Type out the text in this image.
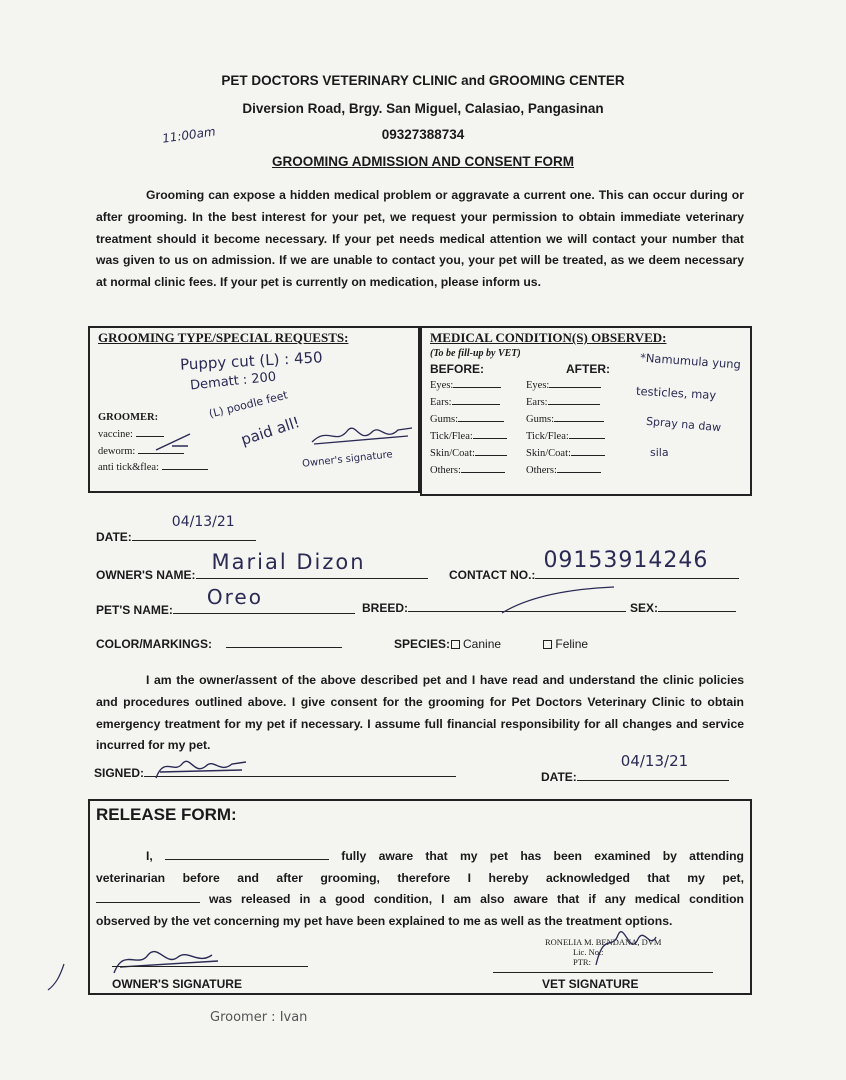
PET DOCTORS VETERINARY CLINIC and GROOMING CENTER
Diversion Road, Brgy. San Miguel, Calasiao, Pangasinan
09327388734
GROOMING ADMISSION AND CONSENT FORM
11:00am
Grooming can expose a hidden medical problem or aggravate a current one. This can occur during or after grooming. In the best interest for your pet, we request your permission to obtain immediate veterinary treatment should it become necessary. If your pet needs medical attention we will contact your number that was given to us on admission. If we are unable to contact you, your pet will be treated, as we deem necessary at normal clinic fees. If your pet is currently on medication, please inform us.
GROOMING TYPE/SPECIAL REQUESTS:
Puppy cut (L) : 450
Dematt : 200
(L) poodle feet
paid all!
GROOMER:
vaccine:
deworm:
anti tick&flea:	Owner's signature
MEDICAL CONDITION(S) OBSERVED:
(To be fill-up by VET)
BEFORE:	AFTER:
Eyes:	Eyes:
Ears:	Ears:
Gums:	Gums:
Tick/Flea:	Tick/Flea:
Skin/Coat:	Skin/Coat:
Others:	Others:
*Namumula yung
testicles, may
Spray na daw
sila
DATE:
04/13/21
OWNER'S NAME:
Marial Dizon
CONTACT NO.:
09153914246
PET'S NAME:
Oreo	BREED:	SEX:
COLOR/MARKINGS:	SPECIES: Canine	Feline
I am the owner/assent of the above described pet and I have read and understand the clinic policies and procedures outlined above. I give consent for the grooming for Pet Doctors Veterinary Clinic to obtain emergency treatment for my pet if necessary. I assume full financial responsibility for all changes and service incurred for my pet.
SIGNED:	DATE:
04/13/21
RELEASE FORM:
I,	fully aware that my pet has been examined by attending
veterinarian before and after grooming, therefore I hereby acknowledged that my pet,
was released in a good condition, I am also aware that if any medical condition
observed by the vet concerning my pet have been explained to me as well as the treatment options.
RONELIA M. BENDANA, DVM
Lic. No.:
PTR:
OWNER'S SIGNATURE	VET SIGNATURE
Groomer : Ivan
